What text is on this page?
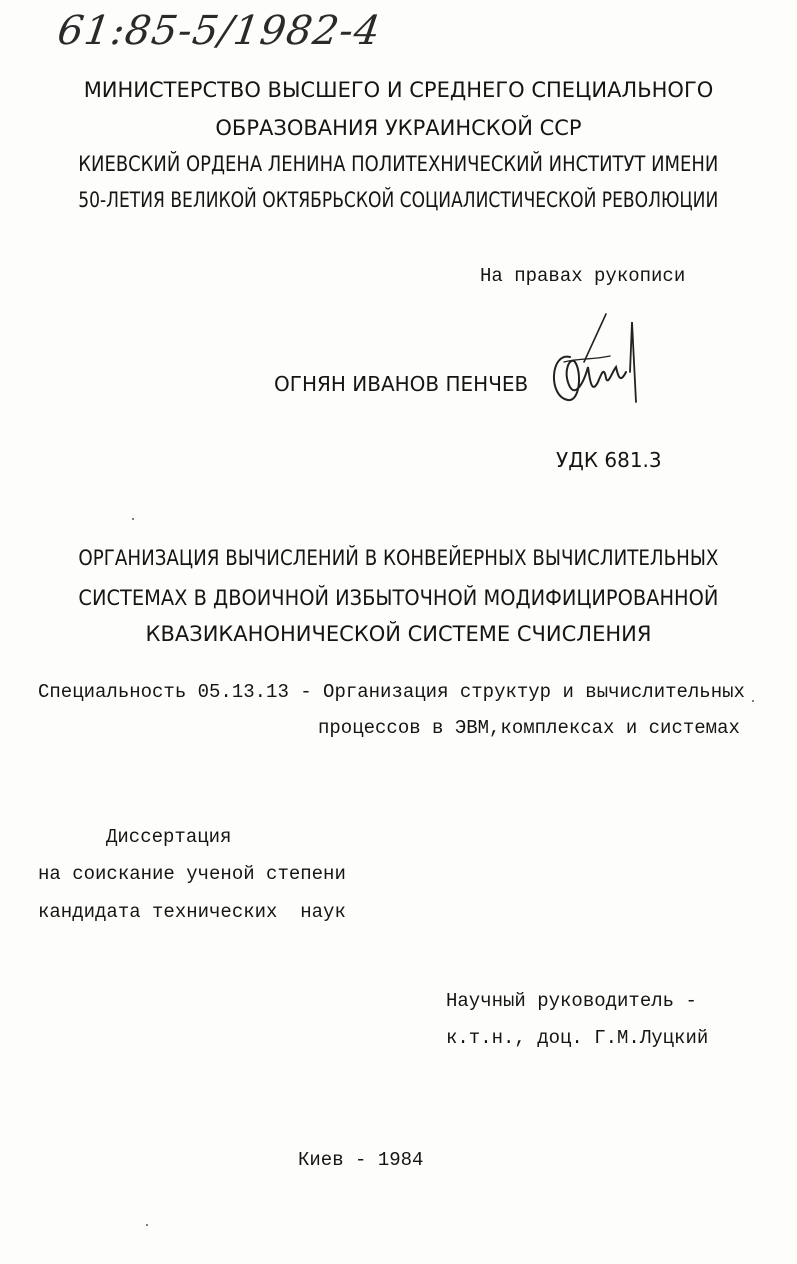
61:85-5/1982-4
МИНИСТЕРСТВО ВЫСШЕГО И СРЕДНЕГО СПЕЦИАЛЬНОГО
ОБРАЗОВАНИЯ УКРАИНСКОЙ ССР
КИЕВСКИЙ ОРДЕНА ЛЕНИНА ПОЛИТЕХНИЧЕСКИЙ ИНСТИТУТ ИМЕНИ
50-ЛЕТИЯ ВЕЛИКОЙ ОКТЯБРЬСКОЙ СОЦИАЛИСТИЧЕСКОЙ РЕВОЛЮЦИИ
На правах рукописи
ОГНЯН ИВАНОВ ПЕНЧЕВ
УДК 681.3
ОРГАНИЗАЦИЯ ВЫЧИСЛЕНИЙ В КОНВЕЙЕРНЫХ ВЫЧИСЛИТЕЛЬНЫХ
СИСТЕМАХ В ДВОИЧНОЙ ИЗБЫТОЧНОЙ МОДИФИЦИРОВАННОЙ
КВАЗИКАНОНИЧЕСКОЙ СИСТЕМЕ СЧИСЛЕНИЯ
Специальность 05.13.13 - Организация структур и вычислительных
процессов в ЭВМ,комплексах и системах
Диссертация
на соискание ученой степени
кандидата технических  наук
Научный руководитель -
к.т.н., доц. Г.М.Луцкий
Киев - 1984
